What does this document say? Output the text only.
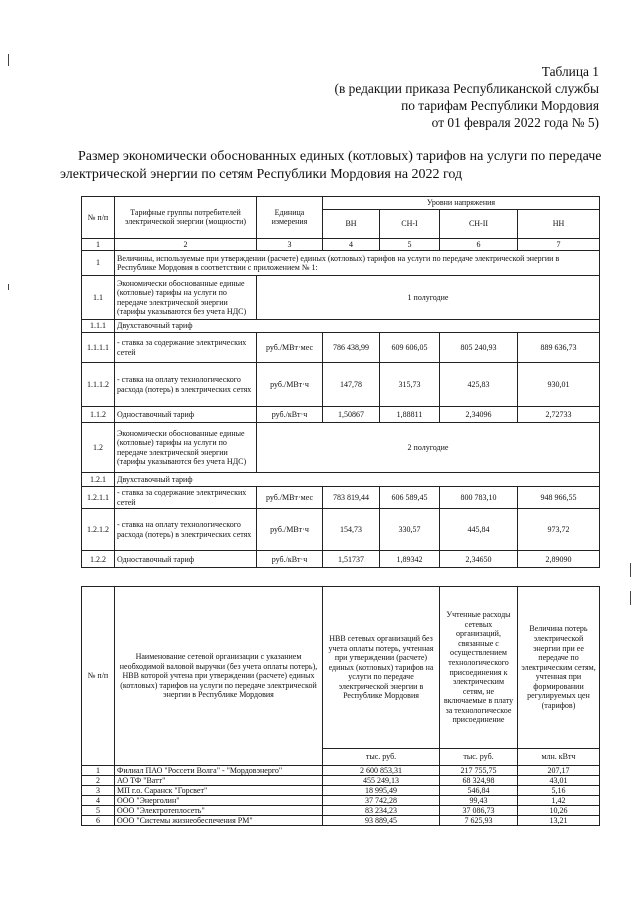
Таблица 1
(в редакции приказа Республиканской службы
по тарифам Республики Мордовия
от 01 февраля 2022 года № 5)
Размер экономически обоснованных единых (котловых) тарифов на услуги по передаче электрической энергии по сетям Республики Мордовия на 2022 год
№ п/п	Тарифные группы потребителей электрической энергии (мощности)	Единица измерения	Уровни напряжения			
			ВН	СН-I	СН-II	НН
1	2	3	4	5	6	7
1	Величины, используемые при утверждении (расчете) единых (котловых) тарифов на услуги по передаче электрической энергии в Республике Мордовия в соответствии с приложением № 1:					
1.1	Экономически обоснованные единые (котловые) тарифы на услуги по передаче электрической энергии (тарифы указываются без учета НДС)	1 полугодие				
1.1.1	Двухставочный тариф					
1.1.1.1	- ставка за содержание электрических сетей	руб./МВт·мес	786 438,99	609 606,05	805 240,93	889 636,73
1.1.1.2	- ставка на оплату технологического расхода (потерь) в электрических сетях	руб./МВт·ч	147,78	315,73	425,83	930,01
1.1.2	Одноставочный тариф	руб./кВт·ч	1,50867	1,88811	2,34096	2,72733
1.2	Экономически обоснованные единые (котловые) тарифы на услуги по передаче электрической энергии (тарифы указываются без учета НДС)	2 полугодие				
1.2.1	Двухставочный тариф					
1.2.1.1	- ставка за содержание электрических сетей	руб./МВт·мес	783 819,44	606 589,45	800 783,10	948 966,55
1.2.1.2	- ставка на оплату технологического расхода (потерь) в электрических сетях	руб./МВт·ч	154,73	330,57	445,84	973,72
1.2.2	Одноставочный тариф	руб./кВт·ч	1,51737	1,89342	2,34650	2,89090
№ п/п	Наименование сетевой организации с указанием необходимой валовой выручки (без учета оплаты потерь), НВВ которой учтена при утверждении (расчете) единых (котловых) тарифов на услуги по передаче электрической энергии в Республике Мордовия	НВВ сетевых организаций без учета оплаты потерь, учтенная при утверждении (расчете) единых (котловых) тарифов на услуги по передаче электрической энергии в Республике Мордовия	Учтенные расходы сетевых организаций, связанные с осуществлением технологического присоединения к электрическим сетям, не включаемые в плату за технологическое присоединение	Величина потерь электрической энергии при ее передаче по электрическим сетям, учтенная при формировании регулируемых цен (тарифов)
		тыс. руб.	тыс. руб.	млн. кВтч
1	Филиал ПАО "Россети Волга" - "Мордовэнерго"	2 600 853,31	217 755,75	207,17
2	АО ТФ "Ватт"	455 249,13	68 324,98	43,01
3	МП г.о. Саранск "Горсвет"	18 995,49	546,84	5,16
4	ООО "Энерголин"	37 742,28	99,43	1,42
5	ООО "Электротеплосеть"	83 234,23	37 086,73	10,26
6	ООО "Системы жизнеобеспечения РМ"	93 889,45	7 625,93	13,21
